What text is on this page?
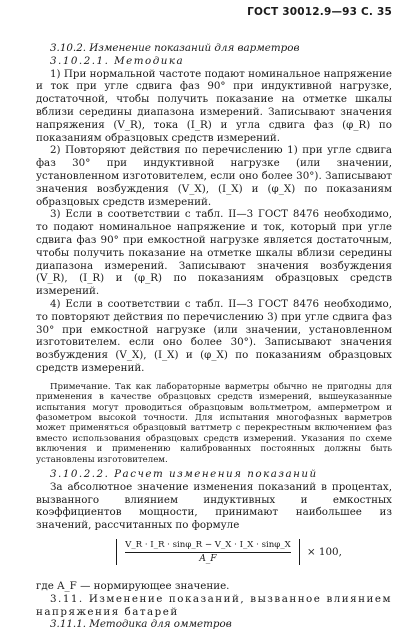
ГОСТ 30012.9—93 С. 35

3.10.2. Изменение показаний для варметров

3.10.2.1. Методика

1) При нормальной частоте подают номинальное напряжение и ток при угле сдвига фаз 90° при индуктивной нагрузке, достаточной, чтобы получить показание на отметке шкалы вблизи середины диапазона измерений. Записывают значения напряжения (V_R), тока (I_R) и угла сдвига фаз (φ_R) по показаниям образцовых средств измерений.

2) Повторяют действия по перечислению 1) при угле сдвига фаз 30° при индуктивной нагрузке (или значении, установленном изготовителем, если оно более 30°). Записывают значения возбуждения (V_X), (I_X) и (φ_X) по показаниям образцовых средств измерений.

3) Если в соответствии с табл. II—3 ГОСТ 8476 необходимо, то подают номинальное напряжение и ток, который при угле сдвига фаз 90° при емкостной нагрузке является достаточным, чтобы получить показание на отметке шкалы вблизи середины диапазона измерений. Записывают значения возбуждения (V_R), (I_R) и (φ_R) по показаниям образцовых средств измерений.

4) Если в соответствии с табл. II—3 ГОСТ 8476 необходимо, то повторяют действия по перечислению 3) при угле сдвига фаз 30° при емкостной нагрузке (или значении, установленном изготовителем. если оно более 30°). Записывают значения возбуждения (V_X), (I_X) и (φ_X) по показаниям образцовых средств измерений.

Примечание. Так как лабораторные варметры обычно не пригодны для применения в качестве образцовых средств измерений, вышеуказанные испытания могут проводиться образцовым вольтметром, амперметром и фазометром высокой точности. Для испытания многофазных варметров может применяться образцовый ваттметр с перекрестным включением фаз вместо использования образцовых средств измерений. Указания по схеме включения и применению калиброванных постоянных должны быть установлены изготовителем.

3.10.2.2. Расчет изменения показаний

За абсолютное значение изменения показаний в процентах, вызванного влиянием индуктивных и емкостных коэффициентов мощности, принимают наибольшее из значений, рассчитанных по формуле

$\frac{V\_R \cdot I\_R \cdot \sin\varphi\_R - V\_X \cdot I\_X \cdot \sin\varphi\_X}{A\_F} \times 100$,

где A_F — нормирующее значение.

3.11. Изменение показаний, вызванное влиянием напряжения батарей

3.11.1. Методика для омметров
